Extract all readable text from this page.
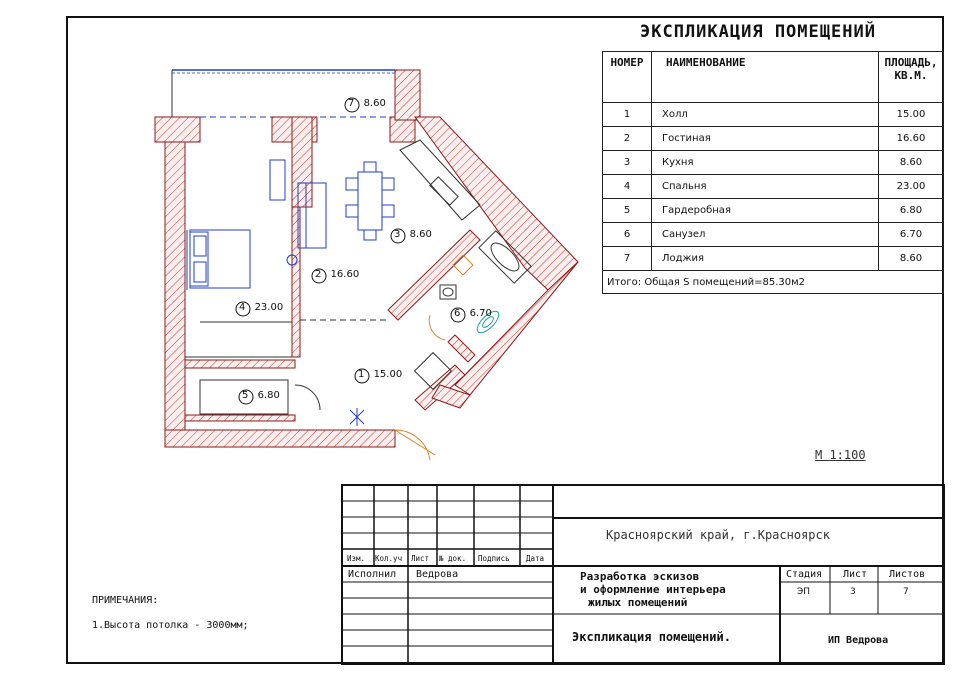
7 8.60
3 8.60
2 16.60
4 23.00
6 6.70
1 15.00
5 6.80
ЭКСПЛИКАЦИЯ ПОМЕЩЕНИЙ
НОМЕР	НАИМЕНОВАНИЕ	ПЛОЩАДЬ,
КВ.М.
1	Холл	15.00
2	Гостиная	16.60
3	Кухня	8.60
4	Спальня	23.00
5	Гардеробная	6.80
6	Санузел	6.70
7	Лоджия	8.60
Итого: Общая S помещений=85.30м2		
М 1:100
Изм. Кол.уч Лист № док. Подпись Дата
Красноярский край, г.Красноярск
Исполнил Ведрова	Разработка эскизов
и оформление интерьера
жилых помещений
Стадия Лист Листов
ЭП	3	7
Экспликация помещений.	ИП Ведрова
ПРИМЕЧАНИЯ:
1.Высота потолка - 3000мм;
